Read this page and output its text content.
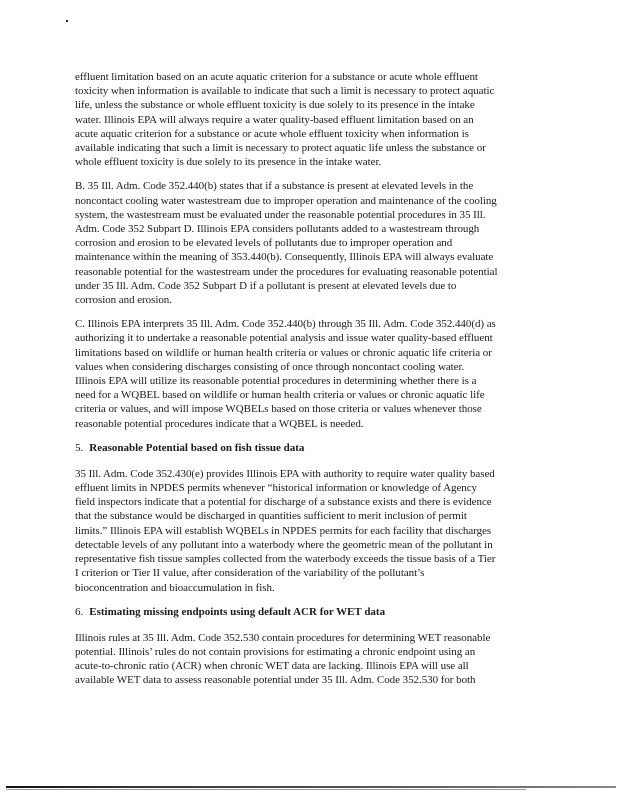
effluent limitation based on an acute aquatic criterion for a substance or acute whole effluent
toxicity when information is available to indicate that such a limit is necessary to protect aquatic
life, unless the substance or whole effluent toxicity is due solely to its presence in the intake
water. Illinois EPA will always require a water quality-based effluent limitation based on an
acute aquatic criterion for a substance or acute whole effluent toxicity when information is
available indicating that such a limit is necessary to protect aquatic life unless the substance or
whole effluent toxicity is due solely to its presence in the intake water.

B. 35 Ill. Adm. Code 352.440(b) states that if a substance is present at elevated levels in the
noncontact cooling water wastestream due to improper operation and maintenance of the cooling
system, the wastestream must be evaluated under the reasonable potential procedures in 35 Ill.
Adm. Code 352 Subpart D. Illinois EPA considers pollutants added to a wastestream through
corrosion and erosion to be elevated levels of pollutants due to improper operation and
maintenance within the meaning of 353.440(b). Consequently, Illinois EPA will always evaluate
reasonable potential for the wastestream under the procedures for evaluating reasonable potential
under 35 Ill. Adm. Code 352 Subpart D if a pollutant is present at elevated levels due to
corrosion and erosion.

C. Illinois EPA interprets 35 Ill. Adm. Code 352.440(b) through 35 Ill. Adm. Code 352.440(d) as
authorizing it to undertake a reasonable potential analysis and issue water quality-based effluent
limitations based on wildlife or human health criteria or values or chronic aquatic life criteria or
values when considering discharges consisting of once through noncontact cooling water.
Illinois EPA will utilize its reasonable potential procedures in determining whether there is a
need for a WQBEL based on wildlife or human health criteria or values or chronic aquatic life
criteria or values, and will impose WQBELs based on those criteria or values whenever those
reasonable potential procedures indicate that a WQBEL is needed.

5. Reasonable Potential based on fish tissue data

35 Ill. Adm. Code 352.430(e) provides Illinois EPA with authority to require water quality based
effluent limits in NPDES permits whenever “historical information or knowledge of Agency
field inspectors indicate that a potential for discharge of a substance exists and there is evidence
that the substance would be discharged in quantities sufficient to merit inclusion of permit
limits.” Illinois EPA will establish WQBELs in NPDES permits for each facility that discharges
detectable levels of any pollutant into a waterbody where the geometric mean of the pollutant in
representative fish tissue samples collected from the waterbody exceeds the tissue basis of a Tier
I criterion or Tier II value, after consideration of the variability of the pollutant’s
bioconcentration and bioaccumulation in fish.

6. Estimating missing endpoints using default ACR for WET data

Illinois rules at 35 Ill. Adm. Code 352.530 contain procedures for determining WET reasonable
potential. Illinois’ rules do not contain provisions for estimating a chronic endpoint using an
acute-to-chronic ratio (ACR) when chronic WET data are lacking. Illinois EPA will use all
available WET data to assess reasonable potential under 35 Ill. Adm. Code 352.530 for both
